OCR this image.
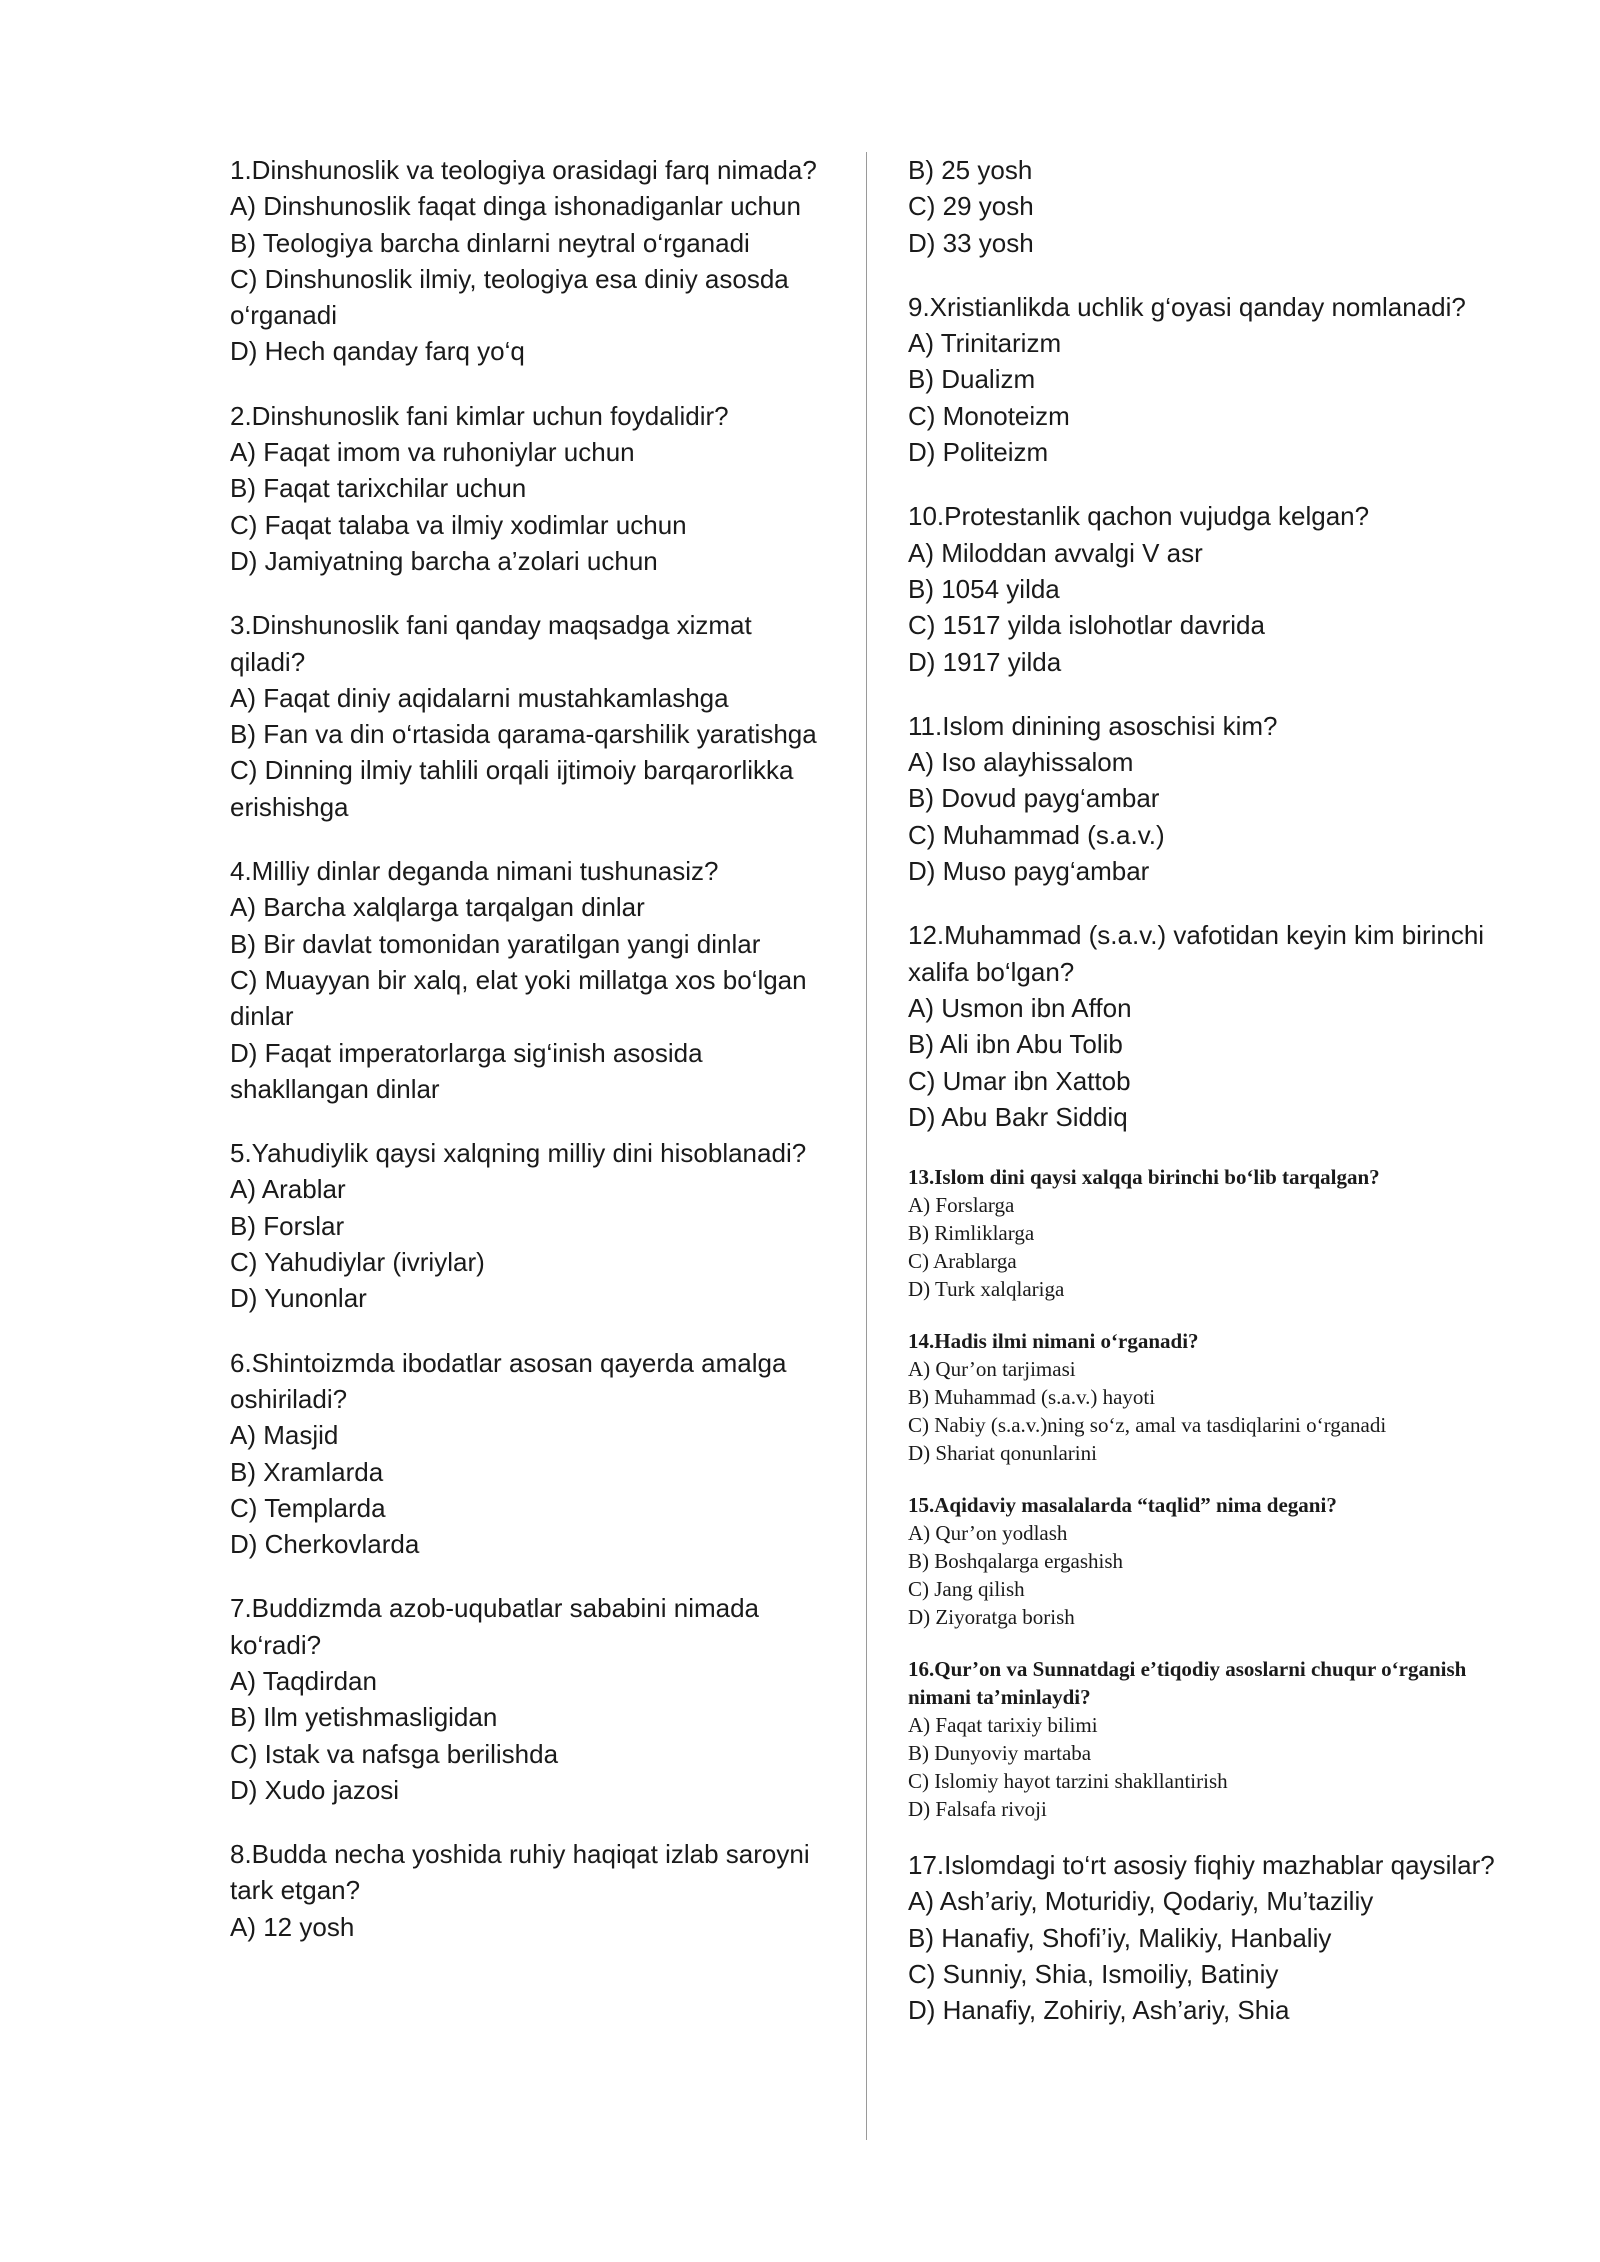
1.Dinshunoslik va teologiya orasidagi farq nimada?
A) Dinshunoslik faqat dinga ishonadiganlar uchun
B) Teologiya barcha dinlarni neytral o‘rganadi
C) Dinshunoslik ilmiy, teologiya esa diniy asosda o‘rganadi
D) Hech qanday farq yo‘q
2.Dinshunoslik fani kimlar uchun foydalidir?
A) Faqat imom va ruhoniylar uchun
B) Faqat tarixchilar uchun
C) Faqat talaba va ilmiy xodimlar uchun
D) Jamiyatning barcha a’zolari uchun
3.Dinshunoslik fani qanday maqsadga xizmat qiladi?
A) Faqat diniy aqidalarni mustahkamlashga
B) Fan va din o‘rtasida qarama-qarshilik yaratishga
C) Dinning ilmiy tahlili orqali ijtimoiy barqarorlikka erishishga
4.Milliy dinlar deganda nimani tushunasiz?
A) Barcha xalqlarga tarqalgan dinlar
B) Bir davlat tomonidan yaratilgan yangi dinlar
C) Muayyan bir xalq, elat yoki millatga xos bo‘lgan dinlar
D) Faqat imperatorlarga sig‘inish asosida shakllangan dinlar
5.Yahudiylik qaysi xalqning milliy dini hisoblanadi?
A) Arablar
B) Forslar
C) Yahudiylar (ivriylar)
D) Yunonlar
6.Shintoizmda ibodatlar asosan qayerda amalga oshiriladi?
A) Masjid
B) Xramlarda
C) Templarda
D) Cherkovlarda
7.Buddizmda azob-uqubatlar sababini nimada ko‘radi?
A) Taqdirdan
B) Ilm yetishmasligidan
C) Istak va nafsga berilishda
D) Xudo jazosi
8.Budda necha yoshida ruhiy haqiqat izlab saroyni tark etgan?
A) 12 yosh
B) 25 yosh
C) 29 yosh
D) 33 yosh
9.Xristianlikda uchlik g‘oyasi qanday nomlanadi?
A) Trinitarizm
B) Dualizm
C) Monoteizm
D) Politeizm
10.Protestanlik qachon vujudga kelgan?
A) Miloddan avvalgi V asr
B) 1054 yilda
C) 1517 yilda islohotlar davrida
D) 1917 yilda
11.Islom dinining asoschisi kim?
A) Iso alayhissalom
B) Dovud payg‘ambar
C) Muhammad (s.a.v.)
D) Muso payg‘ambar
12.Muhammad (s.a.v.) vafotidan keyin kim birinchi xalifa bo‘lgan?
A) Usmon ibn Affon
B) Ali ibn Abu Tolib
C) Umar ibn Xattob
D) Abu Bakr Siddiq
13.Islom dini qaysi xalqqa birinchi bo‘lib tarqalgan?
A) Forslarga
B) Rimliklarga
C) Arablarga
D) Turk xalqlariga
14.Hadis ilmi nimani o‘rganadi?
A) Qur’on tarjimasi
B) Muhammad (s.a.v.) hayoti
C) Nabiy (s.a.v.)ning so‘z, amal va tasdiqlarini o‘rganadi
D) Shariat qonunlarini
15.Aqidaviy masalalarda “taqlid” nima degani?
A) Qur’on yodlash
B) Boshqalarga ergashish
C) Jang qilish
D) Ziyoratga borish
16.Qur’on va Sunnatdagi e’tiqodiy asoslarni chuqur o‘rganish nimani ta’minlaydi?
A) Faqat tarixiy bilimi
B) Dunyoviy martaba
C) Islomiy hayot tarzini shakllantirish
D) Falsafa rivoji
17.Islomdagi to‘rt asosiy fiqhiy mazhablar qaysilar?
A) Ash’ariy, Moturidiy, Qodariy, Mu’taziliy
B) Hanafiy, Shofi’iy, Malikiy, Hanbaliy
C) Sunniy, Shia, Ismoiliy, Batiniy
D) Hanafiy, Zohiriy, Ash’ariy, Shia
